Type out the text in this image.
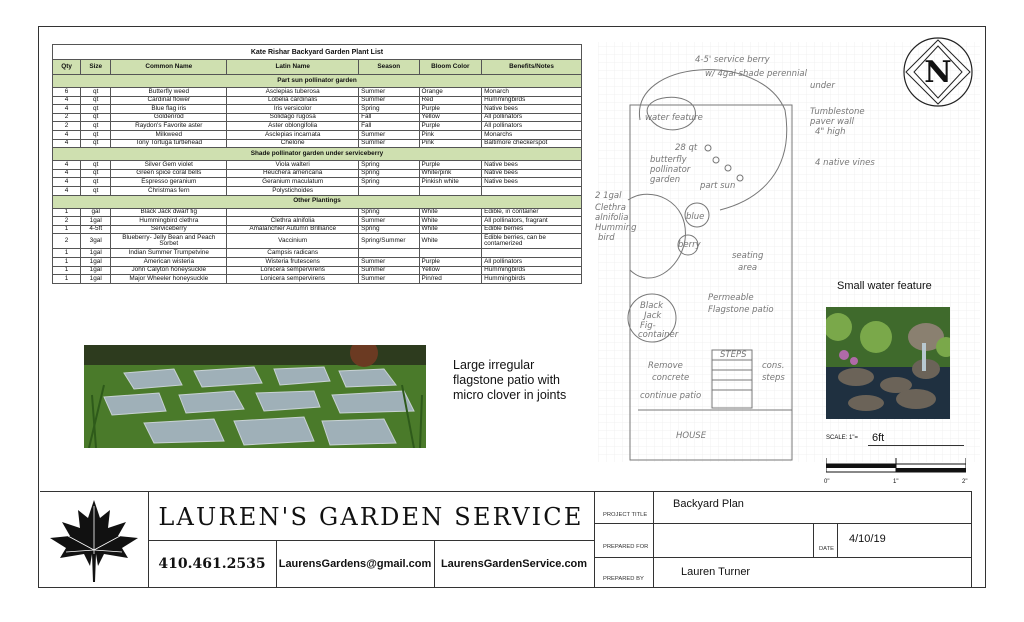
Kate Rishar Backyard Garden Plant List						
Qty	Size	Common Name	Latin Name	Season	Bloom Color	Benefits/Notes
Part sun pollinator garden						
6	qt	Butterfly weed	Asclepias tuberosa	Summer	Orange	Monarch
4	qt	Cardinal flower	Lobelia cardinalis	Summer	Red	Hummingbirds
4	qt	Blue flag iris	Iris versicolor	Spring	Purple	Native bees
2	qt	Goldenrod	Solidago rugosa	Fall	Yellow	All pollinators
2	qt	Raydon's Favorite aster	Aster oblongifolia	Fall	Purple	All pollinators
4	qt	Milkweed	Asclepias incarnata	Summer	Pink	Monarchs
4	qt	Tony Tortuga turtlehead	Chelone	Summer	Pink	Baltimore checkerspot
Shade pollinator garden under serviceberry						
4	qt	Silver Gem violet	Viola walteri	Spring	Purple	Native bees
4	qt	Green spice coral bells	Heuchera americana	Spring	White/pink	Native bees
4	qt	Espresso geranium	Geranium maculatum	Spring	Pinkish white	Native bees
4	qt	Christmas fern	Polystichoides			
Other Plantings						
1	gal	Black Jack dwarf fig		Spring	White	Edible, in container
2	1gal	Hummingbird clethra	Clethra alnifolia	Summer	White	All pollinators, fragrant
1	4-5ft	Serviceberry	Amalanchier Autumn Brilliance	Spring	White	Edible berries
2	3gal	Blueberry- Jelly Bean and Peach Sorbet	Vaccinium	Spring/Summer	White	Edible berries, can be contamerized
1	1gal	Indian Summer Trumpetvine	Campsis radicans			
1	1gal	American wisteria	Wisteria frutescens	Summer	Purple	All pollinators
1	1gal	John Calyton honeysuckle	Lonicera sempervirens	Summer	Yellow	Hummingbirds
1	1gal	Major Wheeler honeysuckle	Lonicera sempervirens	Summer	Pin/red	Hummingbirds
Large irregular
flagstone patio with
micro clover in joints
N
4-5' service berry
w/ 4gal shade perennial
under
water feature
Tumblestone
paver wall
4" high
4 native vines
28 qt
butterfly
pollinator
garden
part sun
2 1gal
Clethra
alnifolia
Humming
bird
blue
berry
seating
area
Permeable
Flagstone patio
Black
Jack
Fig-
container
STEPS
Remove
concrete
cons.
steps
continue patio
HOUSE
Small water feature
SCALE: 1"= 6ft
0"	1"	2"
LAUREN'S GARDEN SERVICE
410.461.2535	LaurensGardens@gmail.com LaurensGardenService.com
PROJECT TITLE
Backyard Plan
PREPARED FOR	DATE
4/10/19
PREPARED BY
Lauren Turner
